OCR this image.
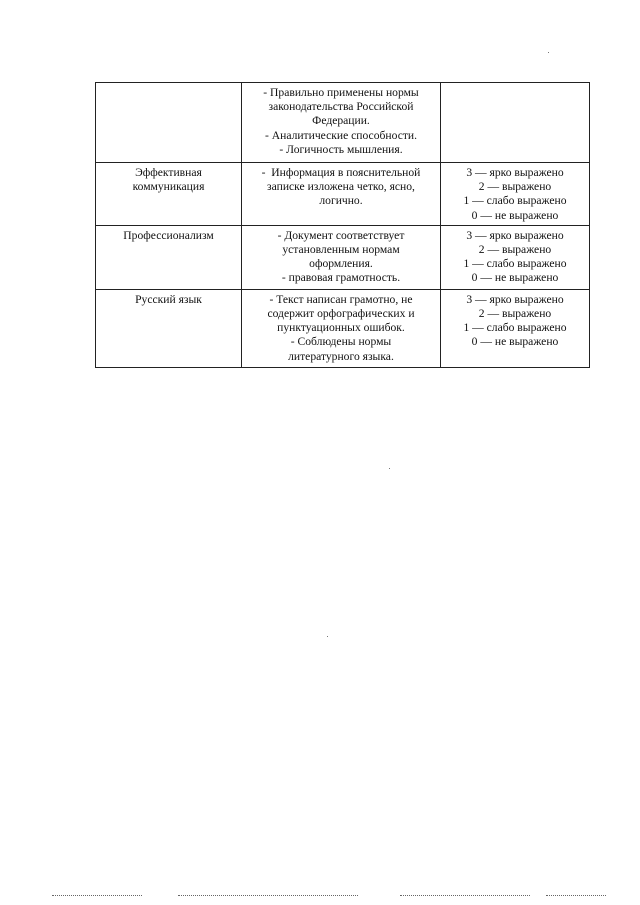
	- Правильно применены нормы
законодательства Российской
Федерации.
- Аналитические способности.
- Логичность мышления.	

Эффективная
коммуникация	-  Информация в пояснительной
записке изложена четко, ясно,
логично.	3 — ярко выражено
2 — выражено
1 — слабо выражено
0 — не выражено

Профессионализм	- Документ соответствует
установленным нормам
оформления.
- правовая грамотность.	3 — ярко выражено
2 — выражено
1 — слабо выражено
0 — не выражено

Русский язык	- Текст написан грамотно, не
содержит орфографических и
пунктуационных ошибок.
- Соблюдены нормы
литературного языка.	3 — ярко выражено
2 — выражено
1 — слабо выражено
0 — не выражено
